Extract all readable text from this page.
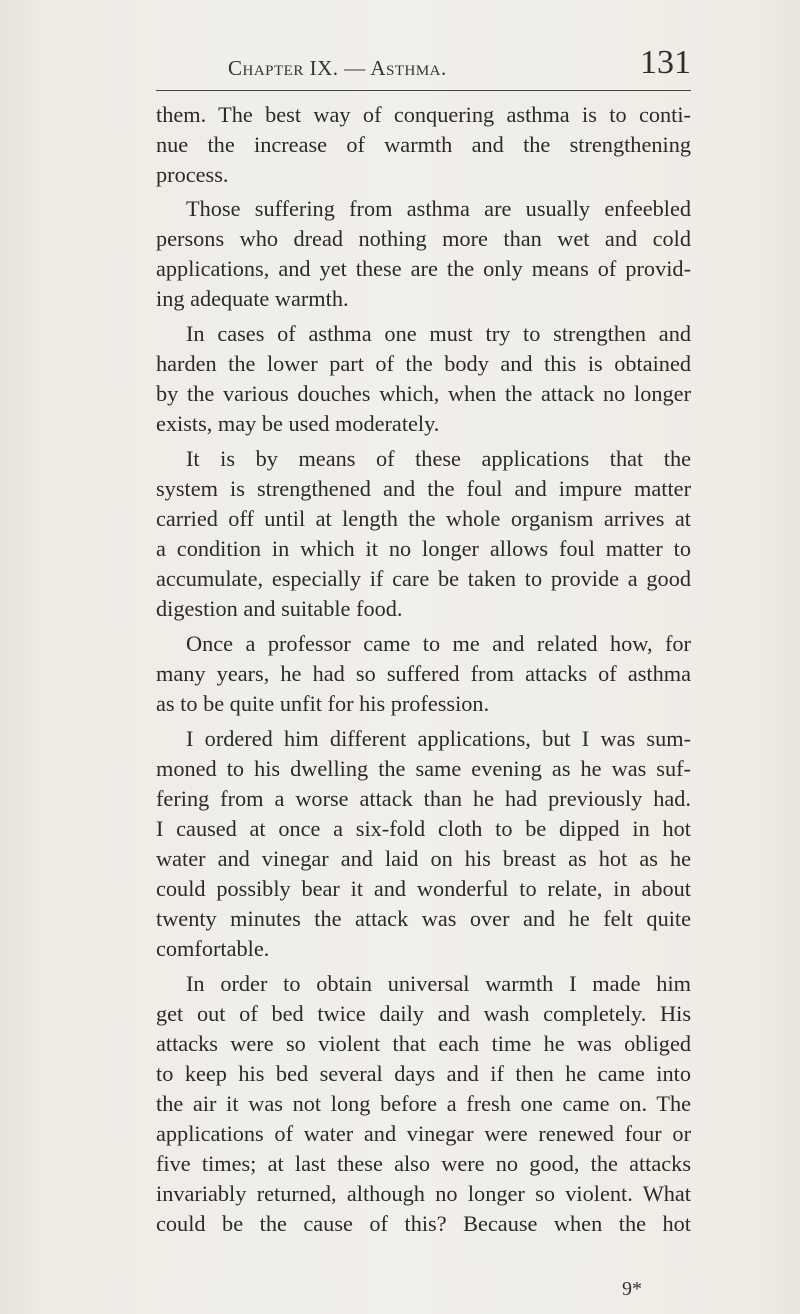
Chapter IX. — Asthma.	131
them. The best way of conquering asthma is to conti-
nue the increase of warmth and the strengthening
process.
Those suffering from asthma are usually enfeebled
persons who dread nothing more than wet and cold
applications, and yet these are the only means of provid-
ing adequate warmth.
In cases of asthma one must try to strengthen and
harden the lower part of the body and this is obtained
by the various douches which, when the attack no longer
exists, may be used moderately.
It is by means of these applications that the
system is strengthened and the foul and impure matter
carried off until at length the whole organism arrives at
a condition in which it no longer allows foul matter to
accumulate, especially if care be taken to provide a good
digestion and suitable food.
Once a professor came to me and related how, for
many years, he had so suffered from attacks of asthma
as to be quite unfit for his profession.
I ordered him different applications, but I was sum-
moned to his dwelling the same evening as he was suf-
fering from a worse attack than he had previously had.
I caused at once a six-fold cloth to be dipped in hot
water and vinegar and laid on his breast as hot as he
could possibly bear it and wonderful to relate, in about
twenty minutes the attack was over and he felt quite
comfortable.
In order to obtain universal warmth I made him
get out of bed twice daily and wash completely. His
attacks were so violent that each time he was obliged
to keep his bed several days and if then he came into
the air it was not long before a fresh one came on. The
applications of water and vinegar were renewed four or
five times; at last these also were no good, the attacks
invariably returned, although no longer so violent. What
could be the cause of this? Because when the hot
9*
